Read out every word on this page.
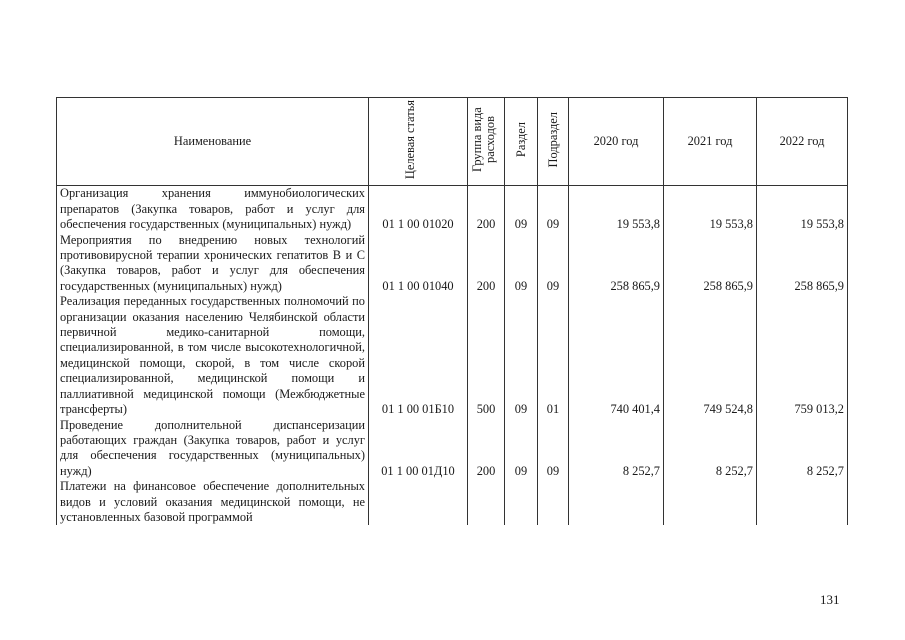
Наименование	Целевая статья	Группа вида расходов	Раздел	Подраздел	2020 год	2021 год	2022 год
Организация хранения иммунобиологических препаратов (Закупка товаров, работ и услуг для обеспечения государственных (муниципальных) нужд)	01 1 00 01020	200	09	09	19 553,8	19 553,8	19 553,8
Мероприятия по внедрению новых технологий противовирусной терапии хронических гепатитов В и С (Закупка товаров, работ и услуг для обеспечения государственных (муниципальных) нужд)	01 1 00 01040	200	09	09	258 865,9	258 865,9	258 865,9
Реализация переданных государственных полномочий по организации оказания населению Челябинской области первичной медико-санитарной помощи, специализированной, в том числе высокотехнологичной, медицинской помощи, скорой, в том числе скорой специализированной, медицинской помощи и паллиативной медицинской помощи (Межбюджетные трансферты)	01 1 00 01Б10	500	09	01	740 401,4	749 524,8	759 013,2
Проведение дополнительной диспансеризации работающих граждан (Закупка товаров, работ и услуг для обеспечения государственных (муниципальных) нужд)	01 1 00 01Д10	200	09	09	8 252,7	8 252,7	8 252,7
Платежи на финансовое обеспечение дополнительных видов и условий оказания медицинской помощи, не установленных базовой программой							
131
